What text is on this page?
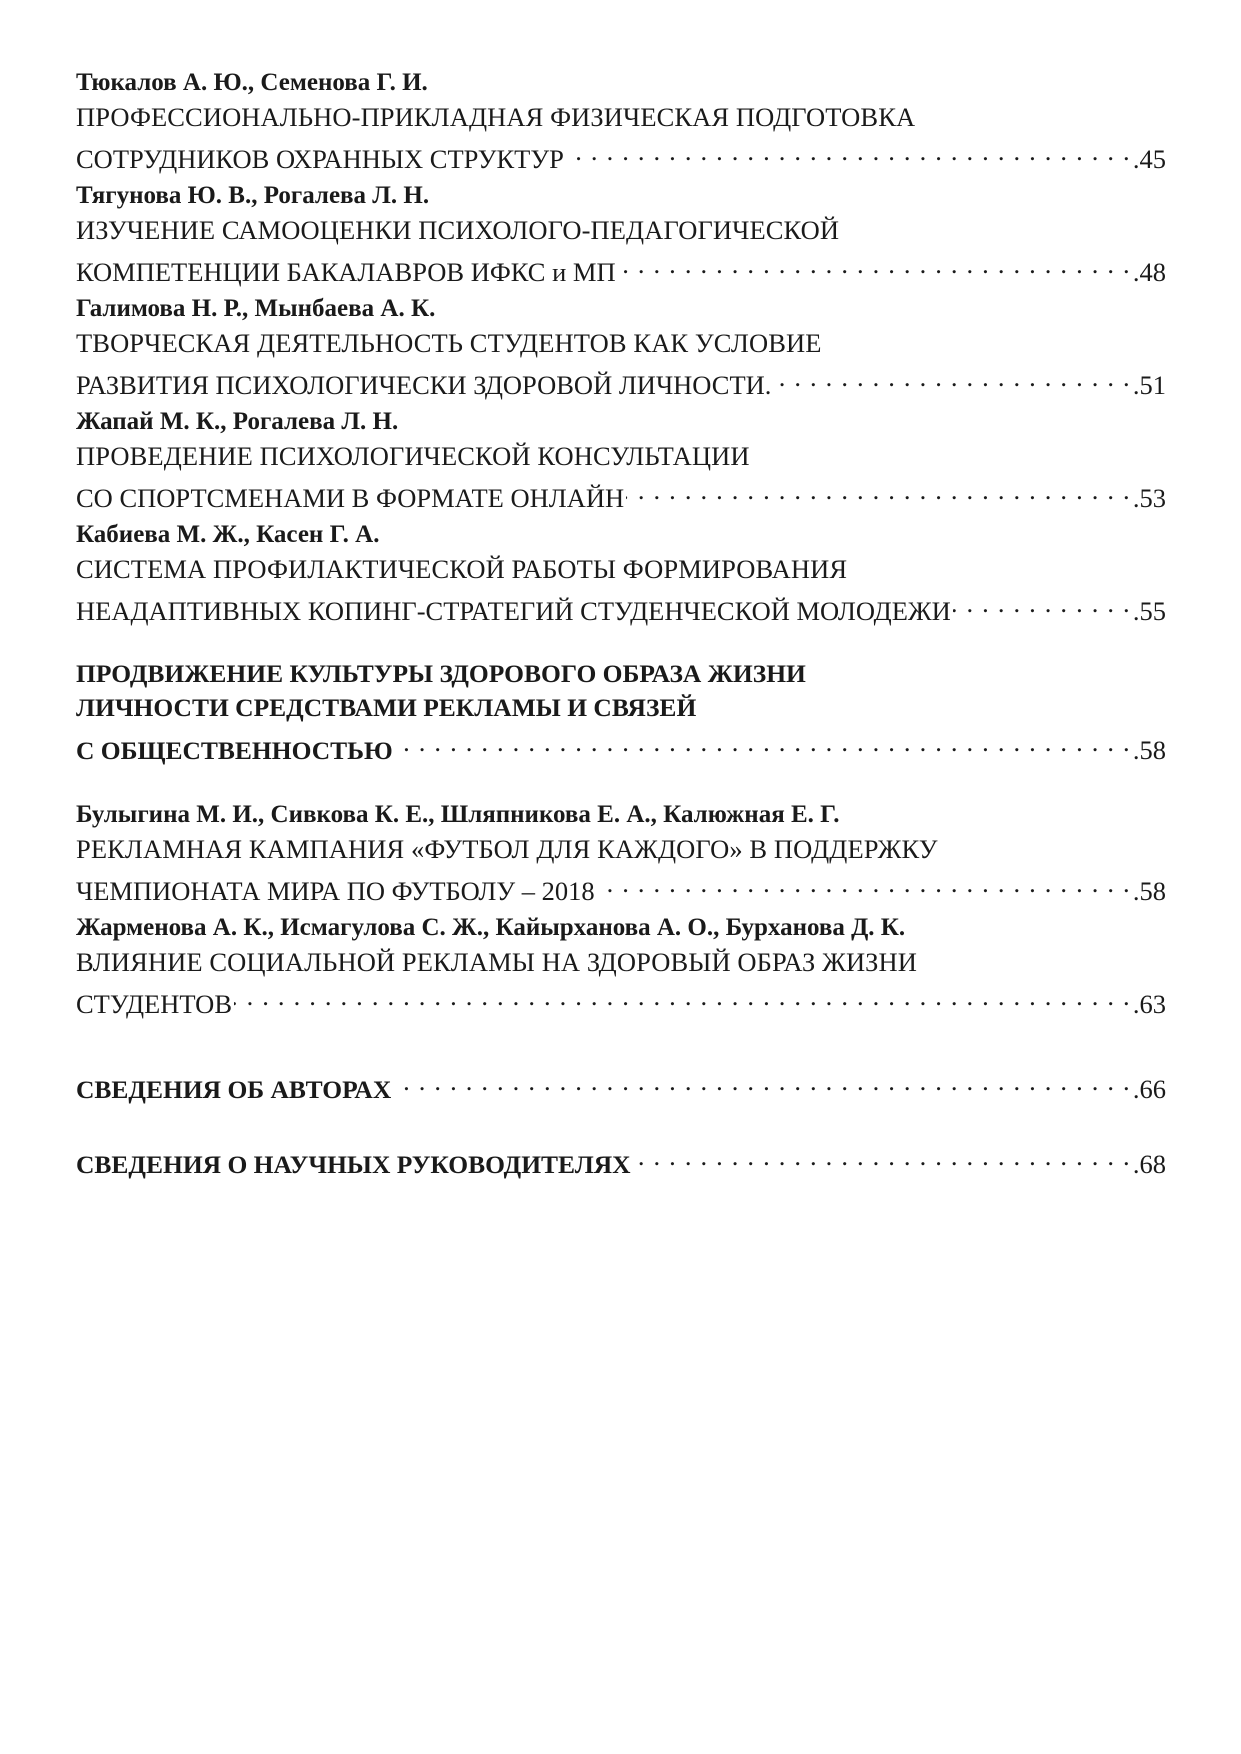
Тюкалов А. Ю., Семенова Г. И.
ПРОФЕССИОНАЛЬНО-ПРИКЛАДНАЯ ФИЗИЧЕСКАЯ ПОДГОТОВКА
СОТРУДНИКОВ ОХРАННЫХ СТРУКТУР . . .	.45
Тягунова Ю. В., Рогалева Л. Н.
ИЗУЧЕНИЕ САМООЦЕНКИ ПСИХОЛОГО-ПЕДАГОГИЧЕСКОЙ
КОМПЕТЕНЦИИ БАКАЛАВРОВ ИФКС и МП . . .	.48
Галимова Н. Р., Мынбаева А. К.
ТВОРЧЕСКАЯ ДЕЯТЕЛЬНОСТЬ СТУДЕНТОВ КАК УСЛОВИЕ
РАЗВИТИЯ ПСИХОЛОГИЧЕСКИ ЗДОРОВОЙ ЛИЧНОСТИ. . . .	.51
Жапай М. К., Рогалева Л. Н.
ПРОВЕДЕНИЕ ПСИХОЛОГИЧЕСКОЙ КОНСУЛЬТАЦИИ
СО СПОРТСМЕНАМИ В ФОРМАТЕ ОНЛАЙН . . .	.53
Кабиева М. Ж., Касен Г. А.
СИСТЕМА ПРОФИЛАКТИЧЕСКОЙ РАБОТЫ ФОРМИРОВАНИЯ
НЕАДАПТИВНЫХ КОПИНГ-СТРАТЕГИЙ СТУДЕНЧЕСКОЙ МОЛОДЕЖИ . . .	.55
ПРОДВИЖЕНИЕ КУЛЬТУРЫ ЗДОРОВОГО ОБРАЗА ЖИЗНИ
ЛИЧНОСТИ СРЕДСТВАМИ РЕКЛАМЫ И СВЯЗЕЙ
С ОБЩЕСТВЕННОСТЬЮ . . .	.58
Булыгина М. И., Сивкова К. Е., Шляпникова Е. А., Калюжная Е. Г.
РЕКЛАМНАЯ КАМПАНИЯ «ФУТБОЛ ДЛЯ КАЖДОГО» В ПОДДЕРЖКУ
ЧЕМПИОНАТА МИРА ПО ФУТБОЛУ – 2018 . . .	.58
Жарменова А. К., Исмагулова С. Ж., Кайырханова А. О., Бурханова Д. К.
ВЛИЯНИЕ СОЦИАЛЬНОЙ РЕКЛАМЫ НА ЗДОРОВЫЙ ОБРАЗ ЖИЗНИ
СТУДЕНТОВ . . .	.63
СВЕДЕНИЯ ОБ АВТОРАХ . . .	.66
СВЕДЕНИЯ О НАУЧНЫХ РУКОВОДИТЕЛЯХ . . .	.68
